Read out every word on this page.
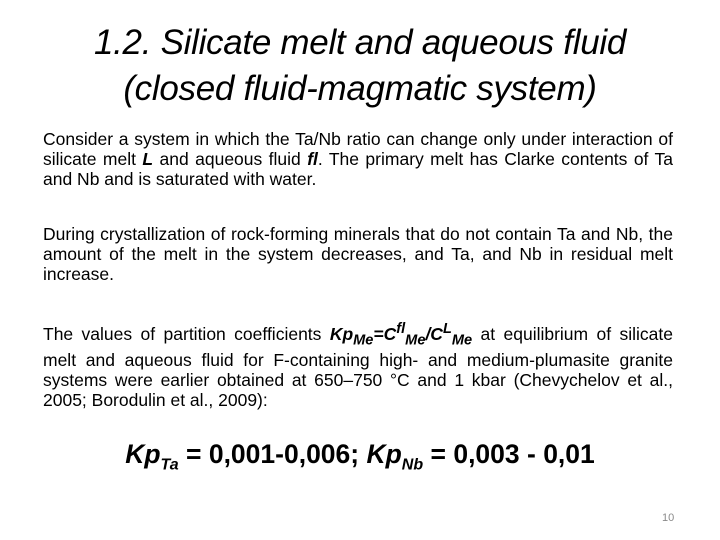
1.2. Silicate melt and aqueous fluid
(closed fluid-magmatic system)
Consider a system in which the Ta/Nb ratio can change only under interaction of silicate melt L and aqueous fluid fl. The primary melt has Clarke contents of Ta and Nb and is saturated with water.
During crystallization of rock-forming minerals that do not contain Ta and Nb, the amount of the melt in the system decreases, and Ta, and Nb in residual melt increase.
The values of partition coefficients $Kp_{Me}=C^{fl}_{Me}/C^L_{Me}$ at equilibrium of silicate melt and aqueous fluid for F-containing high- and medium-plumasite granite systems were earlier obtained at 650–750 °C and 1 kbar (Chevychelov et al., 2005; Borodulin et al., 2009):
$Kp_{Ta} = 0,001-0,006$; $Kp_{Nb} = 0,003 - 0,01$
10
